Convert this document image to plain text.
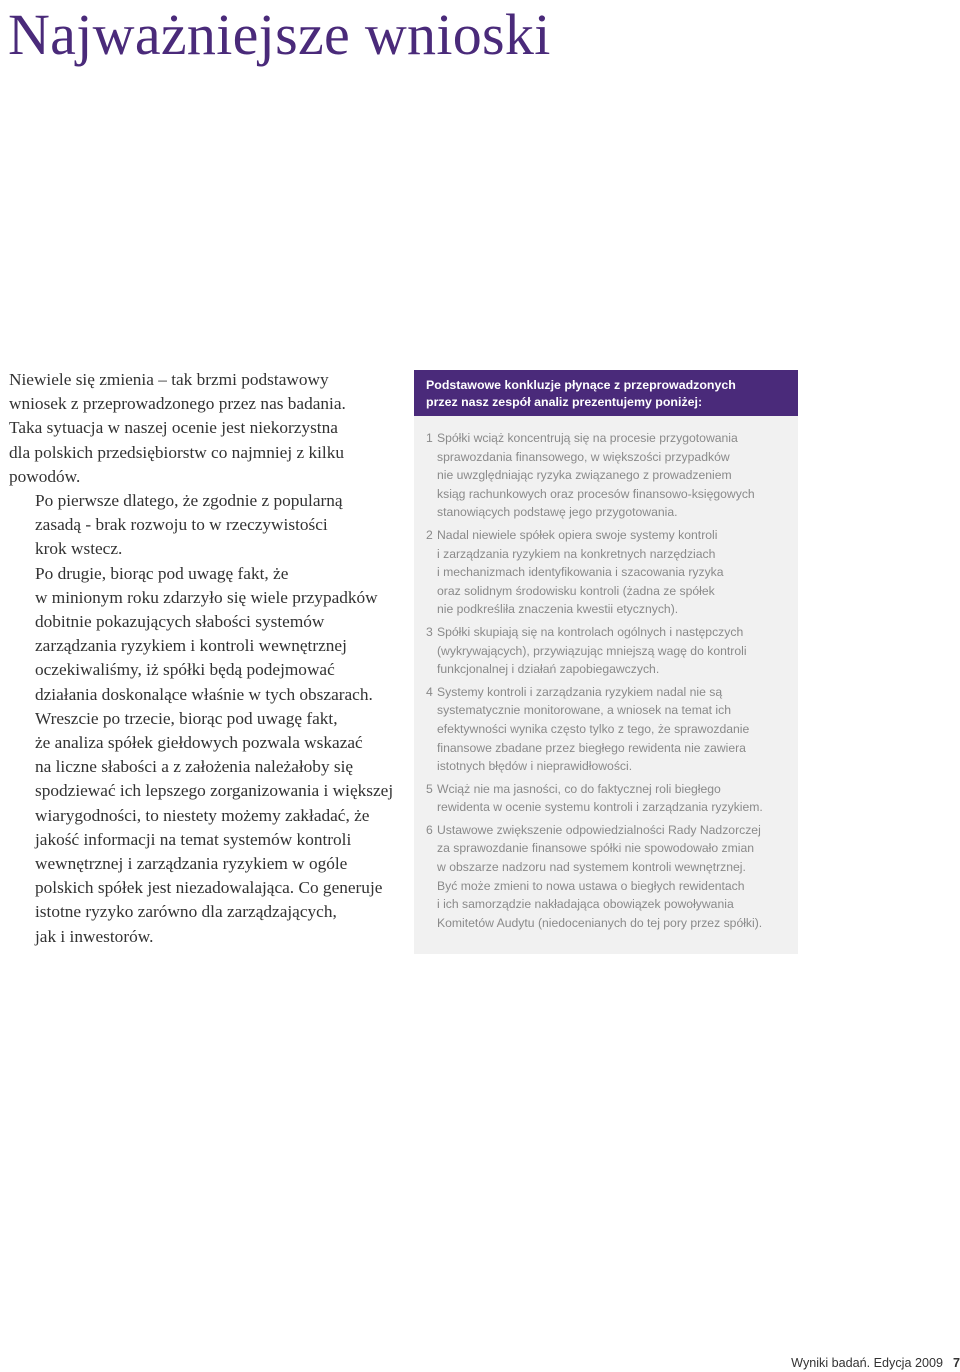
Najważniejsze wnioski

Niewiele się zmienia – tak brzmi podstawowy
wniosek z przeprowadzonego przez nas badania.
Taka sytuacja w naszej ocenie jest niekorzystna
dla polskich przedsiębiorstw co najmniej z kilku
powodów.

Po pierwsze dlatego, że zgodnie z popularną
zasadą - brak rozwoju to w rzeczywistości
krok wstecz.

Po drugie, biorąc pod uwagę fakt, że
w minionym roku zdarzyło się wiele przypadków
dobitnie pokazujących słabości systemów
zarządzania ryzykiem i kontroli wewnętrznej
oczekiwaliśmy, iż spółki będą podejmować
działania doskonalące właśnie w tych obszarach.

Wreszcie po trzecie, biorąc pod uwagę fakt,
że analiza spółek giełdowych pozwala wskazać
na liczne słabości a z założenia należałoby się
spodziewać ich lepszego zorganizowania i większej
wiarygodności, to niestety możemy zakładać, że
jakość informacji na temat systemów kontroli
wewnętrznej i zarządzania ryzykiem w ogóle
polskich spółek jest niezadowalająca. Co generuje
istotne ryzyko zarówno dla zarządzających,
jak i inwestorów.

Podstawowe konkluzje płynące z przeprowadzonych
przez nasz zespół analiz prezentujemy poniżej:
1 Spółki wciąż koncentrują się na procesie przygotowania
sprawozdania finansowego, w większości przypadków
nie uwzględniając ryzyka związanego z prowadzeniem
ksiąg rachunkowych oraz procesów finansowo-księgowych
stanowiących podstawę jego przygotowania.
2 Nadal niewiele spółek opiera swoje systemy kontroli
i zarządzania ryzykiem na konkretnych narzędziach
i mechanizmach identyfikowania i szacowania ryzyka
oraz solidnym środowisku kontroli (żadna ze spółek
nie podkreśliła znaczenia kwestii etycznych).
3 Spółki skupiają się na kontrolach ogólnych i następczych
(wykrywających), przywiązując mniejszą wagę do kontroli
funkcjonalnej i działań zapobiegawczych.
4 Systemy kontroli i zarządzania ryzykiem nadal nie są
systematycznie monitorowane, a wniosek na temat ich
efektywności wynika często tylko z tego, że sprawozdanie
finansowe zbadane przez biegłego rewidenta nie zawiera
istotnych błędów i nieprawidłowości.
5 Wciąż nie ma jasności, co do faktycznej roli biegłego
rewidenta w ocenie systemu kontroli i zarządzania ryzykiem.
6 Ustawowe zwiększenie odpowiedzialności Rady Nadzorczej
za sprawozdanie finansowe spółki nie spowodowało zmian
w obszarze nadzoru nad systemem kontroli wewnętrznej.
Być może zmieni to nowa ustawa o biegłych rewidentach
i ich samorządzie nakładająca obowiązek powoływania
Komitetów Audytu (niedocenianych do tej pory przez spółki).
Wyniki badań. Edycja 2009 7
